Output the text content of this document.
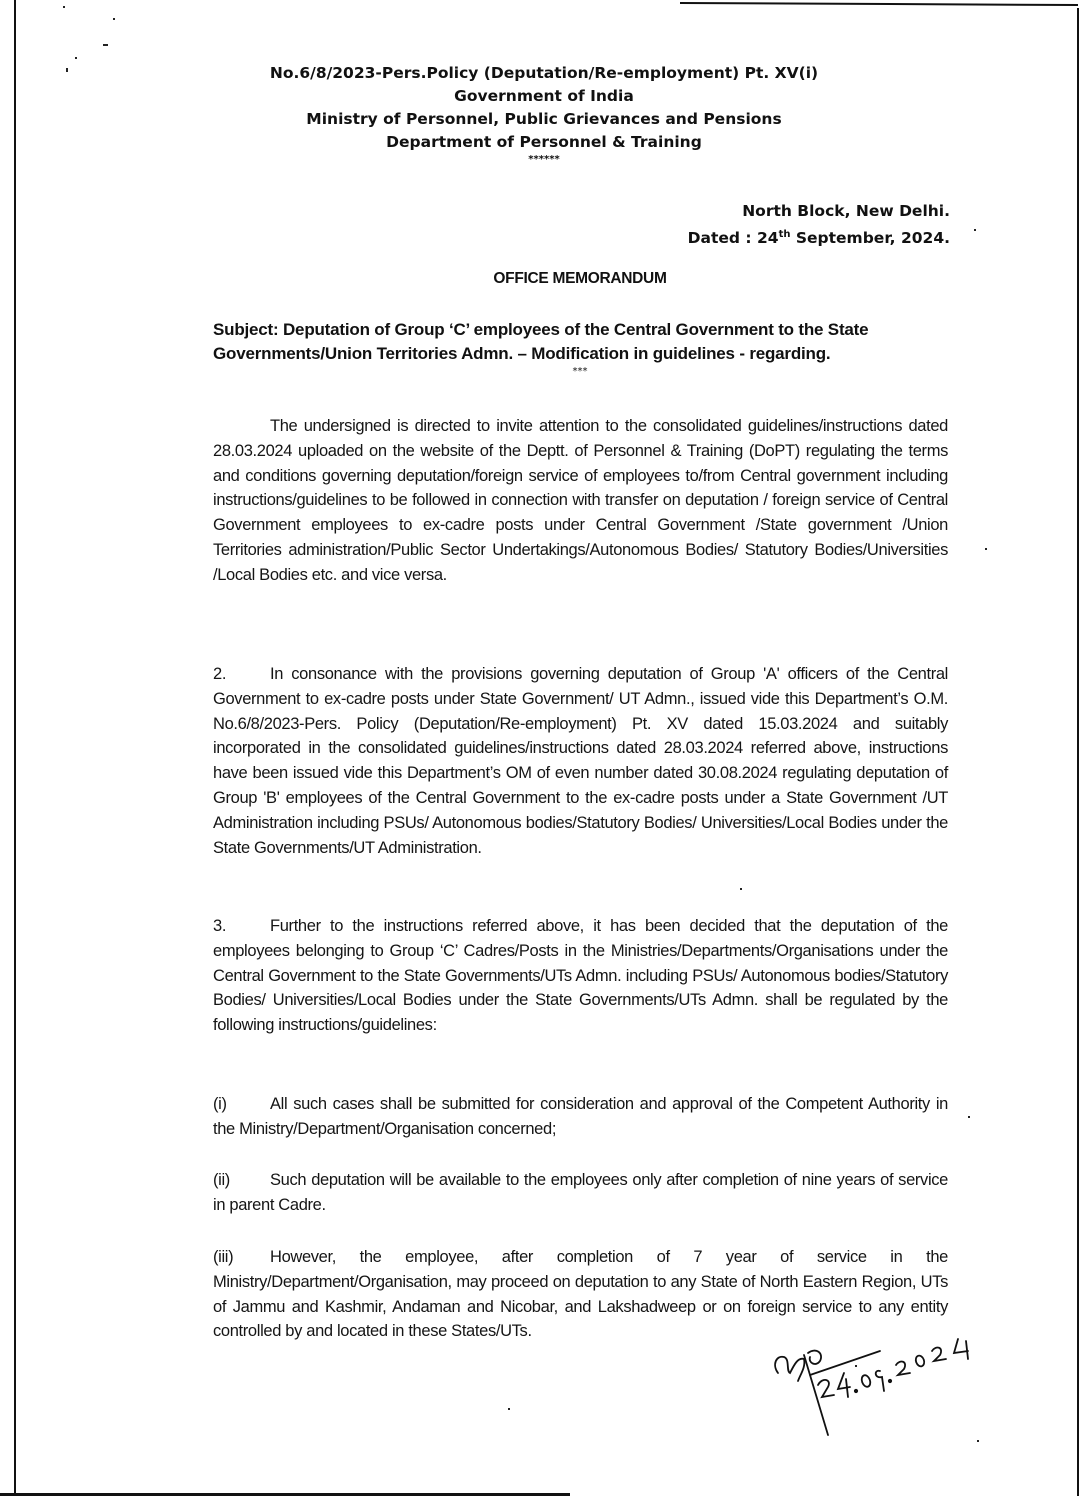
No.6/8/2023-Pers.Policy (Deputation/Re-employment) Pt. XV(i)
Government of India
Ministry of Personnel, Public Grievances and Pensions
Department of Personnel & Training
******
North Block, New Delhi.
Dated : 24th September, 2024.
OFFICE MEMORANDUM
Subject: Deputation of Group ‘C’ employees of the Central Government to the State Governments/Union Territories Admn. – Modification in guidelines - regarding.
***
The undersigned is directed to invite attention to the consolidated guidelines/instructions dated 28.03.2024 uploaded on the website of the Deptt. of Personnel & Training (DoPT) regulating the terms and conditions governing deputation/foreign service of employees to/from Central government including instructions/guidelines to be followed in connection with transfer on deputation / foreign service of Central Government employees to ex-cadre posts under Central Government /State government /Union Territories administration/Public Sector Undertakings/Autonomous Bodies/ Statutory Bodies/Universities /Local Bodies etc. and vice versa.
2.	In consonance with the provisions governing deputation of Group 'A' officers of the Central Government to ex-cadre posts under State Government/ UT Admn., issued vide this Department’s O.M. No.6/8/2023-Pers. Policy (Deputation/Re-employment) Pt. XV dated 15.03.2024 and suitably incorporated in the consolidated guidelines/instructions dated 28.03.2024 referred above, instructions have been issued vide this Department’s OM of even number dated 30.08.2024 regulating deputation of Group 'B' employees of the Central Government to the ex-cadre posts under a State Government /UT Administration including PSUs/ Autonomous bodies/Statutory Bodies/ Universities/Local Bodies under the State Governments/UT Administration.
3.	Further to the instructions referred above, it has been decided that the deputation of the employees belonging to Group ‘C’ Cadres/Posts in the Ministries/Departments/Organisations under the Central Government to the State Governments/UTs Admn. including PSUs/ Autonomous bodies/Statutory Bodies/ Universities/Local Bodies under the State Governments/UTs Admn. shall be regulated by the following instructions/guidelines:
(i)	All such cases shall be submitted for consideration and approval of the Competent Authority in the Ministry/Department/Organisation concerned;
(ii) Such deputation will be available to the employees only after completion of nine years of service in parent Cadre.
(iii) However, the employee, after completion of 7 year of service in the Ministry/Department/Organisation, may proceed on deputation to any State of North Eastern Region, UTs of Jammu and Kashmir, Andaman and Nicobar, and Lakshadweep or on foreign service to any entity controlled by and located in these States/UTs.
